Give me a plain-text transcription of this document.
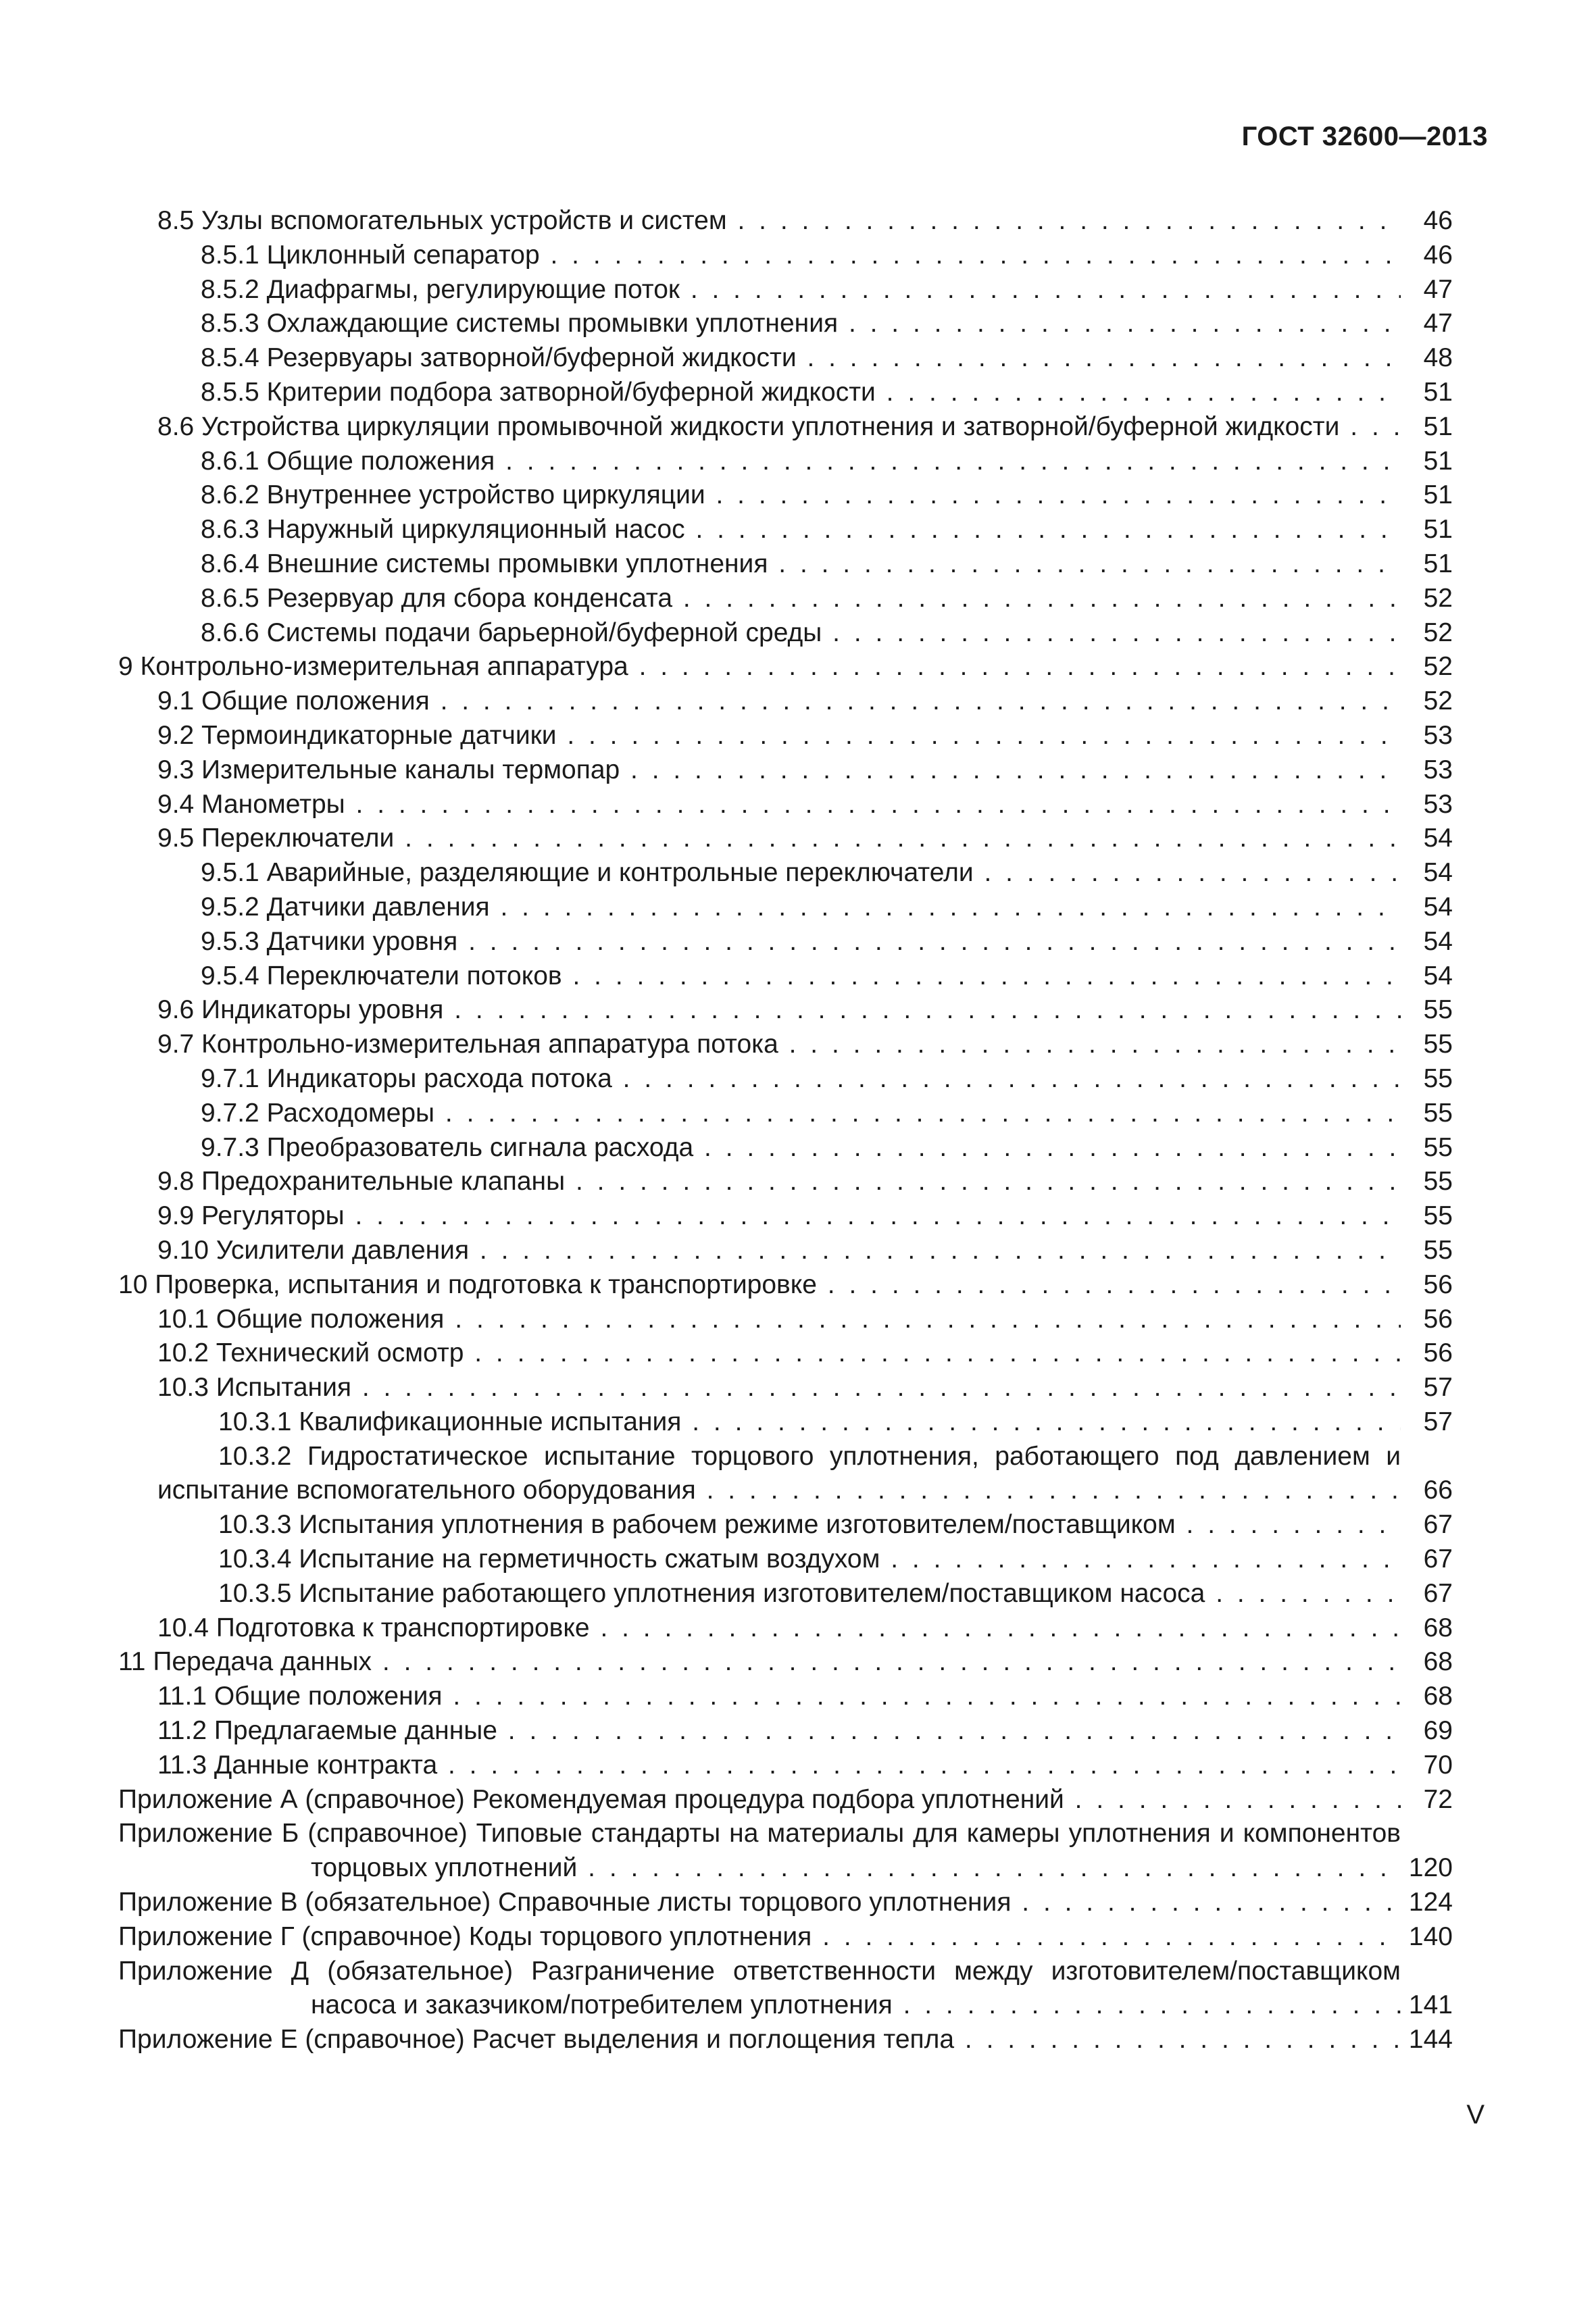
ГОСТ 32600—2013
8.5 Узлы вспомогательных устройств и систем . . .	46
8.5.1 Циклонный сепаратор . . .	46
8.5.2 Диафрагмы, регулирующие поток . . .	47
8.5.3 Охлаждающие системы промывки уплотнения . . .	47
8.5.4 Резервуары затворной/буферной жидкости . . .	48
8.5.5 Критерии подбора затворной/буферной жидкости . . .	51
8.6 Устройства циркуляции промывочной жидкости уплотнения и затворной/буферной жидкости . . .	51
8.6.1 Общие положения . . .	51
8.6.2 Внутреннее устройство циркуляции . . .	51
8.6.3 Наружный циркуляционный насос . . .	51
8.6.4 Внешние системы промывки уплотнения . . .	51
8.6.5 Резервуар для сбора конденсата . . .	52
8.6.6 Системы подачи барьерной/буферной среды . . .	52
9 Контрольно-измерительная аппаратура . . .	52
9.1 Общие положения . . .	52
9.2 Термоиндикаторные датчики . . .	53
9.3 Измерительные каналы термопар . . .	53
9.4 Манометры . . .	53
9.5 Переключатели . . .	54
9.5.1 Аварийные, разделяющие и контрольные переключатели . . .	54
9.5.2 Датчики давления . . .	54
9.5.3 Датчики уровня . . .	54
9.5.4 Переключатели потоков . . .	54
9.6 Индикаторы уровня . . .	55
9.7 Контрольно-измерительная аппаратура потока . . .	55
9.7.1 Индикаторы расхода потока . . .	55
9.7.2 Расходомеры . . .	55
9.7.3 Преобразователь сигнала расхода . . .	55
9.8 Предохранительные клапаны . . .	55
9.9 Регуляторы . . .	55
9.10 Усилители давления . . .	55
10 Проверка, испытания и подготовка к транспортировке . . .	56
10.1 Общие положения . . .	56
10.2 Технический осмотр . . .	56
10.3 Испытания . . .	57
10.3.1 Квалификационные испытания . . .	57
10.3.2 Гидростатическое испытание торцового уплотнения, работающего под давлением и
испытание вспомогательного оборудования . . .	66
10.3.3 Испытания уплотнения в рабочем режиме изготовителем/поставщиком . . .	67
10.3.4 Испытание на герметичность сжатым воздухом . . .	67
10.3.5 Испытание работающего уплотнения изготовителем/поставщиком насоса . . .	67
10.4 Подготовка к транспортировке . . .	68
11 Передача данных . . .	68
11.1 Общие положения . . .	68
11.2 Предлагаемые данные . . .	69
11.3 Данные контракта . . .	70
Приложение А (справочное) Рекомендуемая процедура подбора уплотнений . . .	72
Приложение Б (справочное) Типовые стандарты на материалы для камеры уплотнения и компонентов
торцовых уплотнений . . .	120
Приложение В (обязательное) Справочные листы торцового уплотнения . . .	124
Приложение Г (справочное) Коды торцового уплотнения . . .	140
Приложение Д (обязательное) Разграничение ответственности между изготовителем/поставщиком
насоса и заказчиком/потребителем уплотнения . . .	141
Приложение Е (справочное) Расчет выделения и поглощения тепла . . .	144
V
